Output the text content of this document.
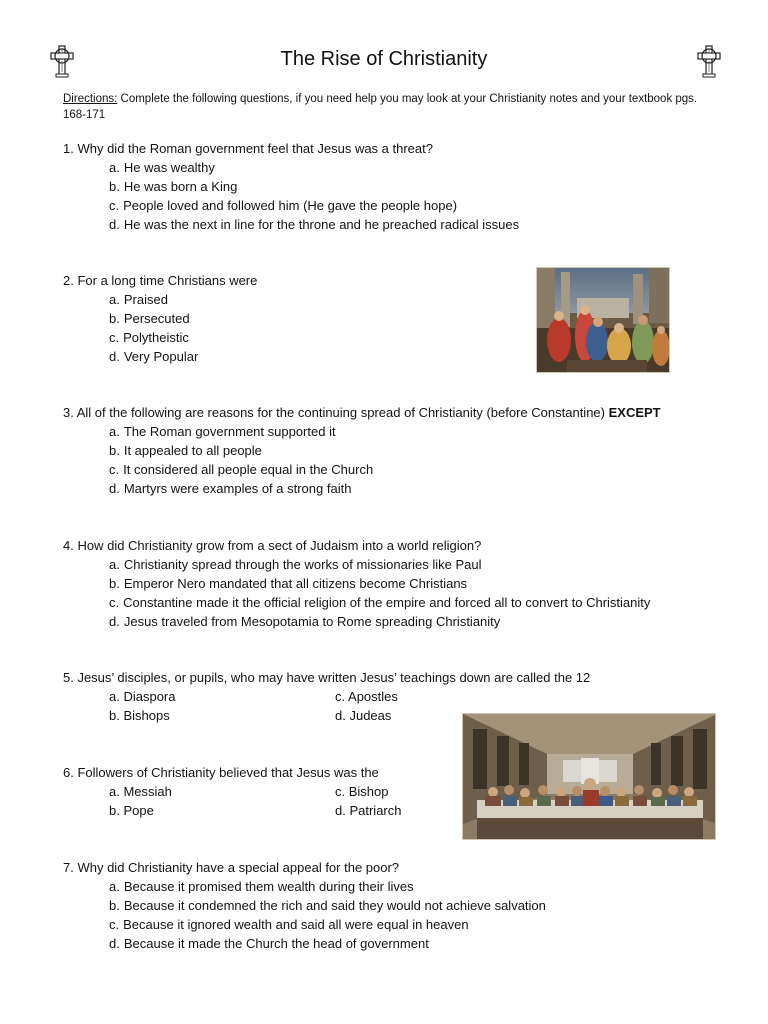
The Rise of Christianity
Directions: Complete the following questions, if you need help you may look at your Christianity notes and your textbook pgs. 168-171
1. Why did the Roman government feel that Jesus was a threat?
a. He was wealthy
b. He was born a King
c. People loved and followed him (He gave the people hope)
d. He was the next in line for the throne and he preached radical issues
2. For a long time Christians were
a. Praised
b. Persecuted
c. Polytheistic
d. Very Popular
3. All of the following are reasons for the continuing spread of Christianity (before Constantine) EXCEPT
a. The Roman government supported it
b. It appealed to all people
c. It considered all people equal in the Church
d. Martyrs were examples of a strong faith
4. How did Christianity grow from a sect of Judaism into a world religion?
a. Christianity spread through the works of missionaries like Paul
b. Emperor Nero mandated that all citizens become Christians
c. Constantine made it the official religion of the empire and forced all to convert to Christianity
d. Jesus traveled from Mesopotamia to Rome spreading Christianity
5. Jesus’ disciples, or pupils, who may have written Jesus’ teachings down are called the 12
a. Diaspora	c. Apostles
b. Bishops	d. Judeas
6. Followers of Christianity believed that Jesus was the
a. Messiah	c. Bishop
b. Pope	d. Patriarch
7. Why did Christianity have a special appeal for the poor?
a. Because it promised them wealth during their lives
b. Because it condemned the rich and said they would not achieve salvation
c. Because it ignored wealth and said all were equal in heaven
d. Because it made the Church the head of government
